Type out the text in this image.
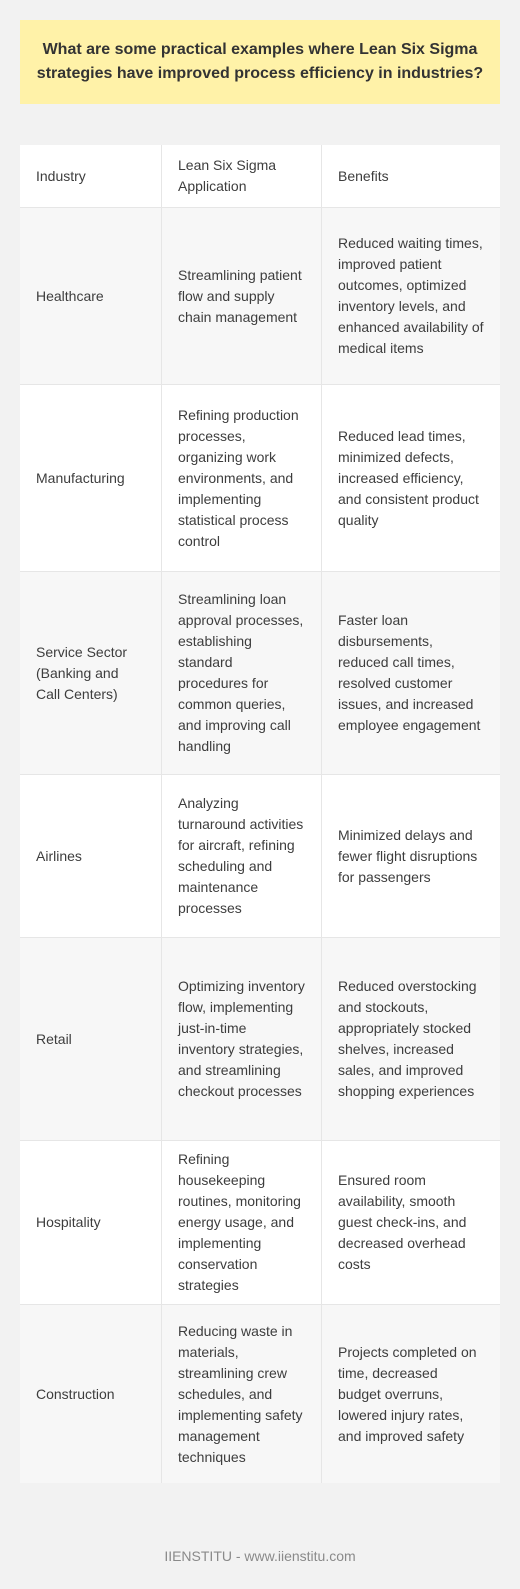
What are some practical examples where Lean Six Sigma strategies have improved process efficiency in industries?
Industry
Lean Six Sigma Application
Benefits
Healthcare
Streamlining patient flow and supply chain management
Reduced waiting times, improved patient outcomes, optimized inventory levels, and enhanced availability of medical items
Manufacturing
Refining production processes, organizing work environments, and implementing statistical process control
Reduced lead times, minimized defects, increased efficiency, and consistent product quality
Service Sector (Banking and Call Centers)
Streamlining loan approval processes, establishing standard procedures for common queries, and improving call handling
Faster loan disbursements, reduced call times, resolved customer issues, and increased employee engagement
Airlines
Analyzing turnaround activities for aircraft, refining scheduling and maintenance processes
Minimized delays and fewer flight disruptions for passengers
Retail
Optimizing inventory flow, implementing just-in-time inventory strategies, and streamlining checkout processes
Reduced overstocking and stockouts, appropriately stocked shelves, increased sales, and improved shopping experiences
Hospitality
Refining housekeeping routines, monitoring energy usage, and implementing conservation strategies
Ensured room availability, smooth guest check-ins, and decreased overhead costs
Construction
Reducing waste in materials, streamlining crew schedules, and implementing safety management techniques
Projects completed on time, decreased budget overruns, lowered injury rates, and improved safety
IIENSTITU - www.iienstitu.com
